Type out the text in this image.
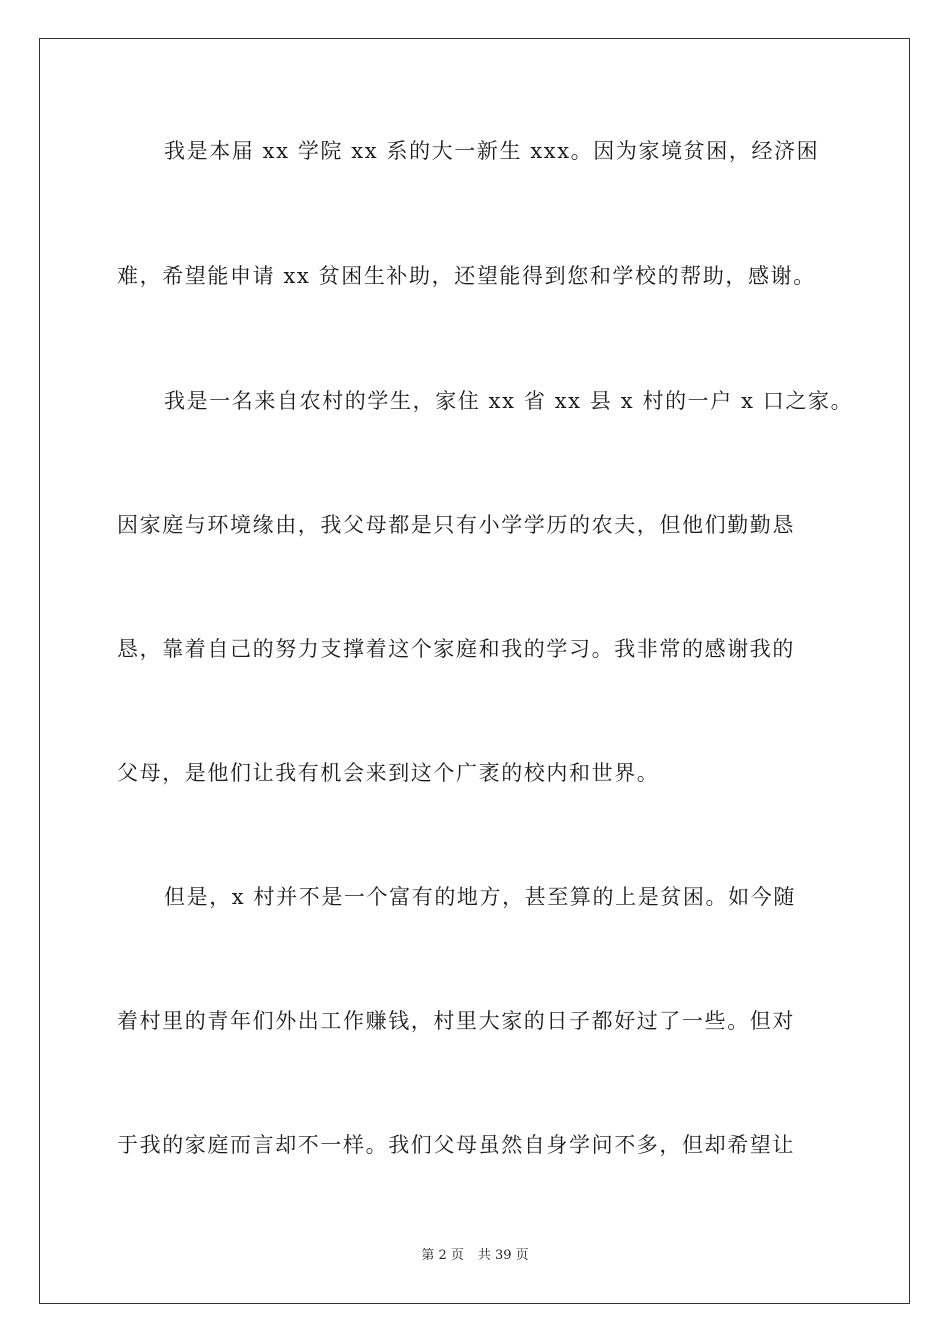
我是本届 xx 学院 xx 系的大一新生 xxx。因为家境贫困，经济困
难，希望能申请 xx 贫困生补助，还望能得到您和学校的帮助，感谢。
我是一名来自农村的学生，家住 xx 省 xx 县 x 村的一户 x 口之家。
因家庭与环境缘由，我父母都是只有小学学历的农夫，但他们勤勤恳
恳，靠着自己的努力支撑着这个家庭和我的学习。我非常的感谢我的
父母，是他们让我有机会来到这个广袤的校内和世界。
但是，x 村并不是一个富有的地方，甚至算的上是贫困。如今随
着村里的青年们外出工作赚钱，村里大家的日子都好过了一些。但对
于我的家庭而言却不一样。我们父母虽然自身学问不多，但却希望让
第 2 页 共 39 页
